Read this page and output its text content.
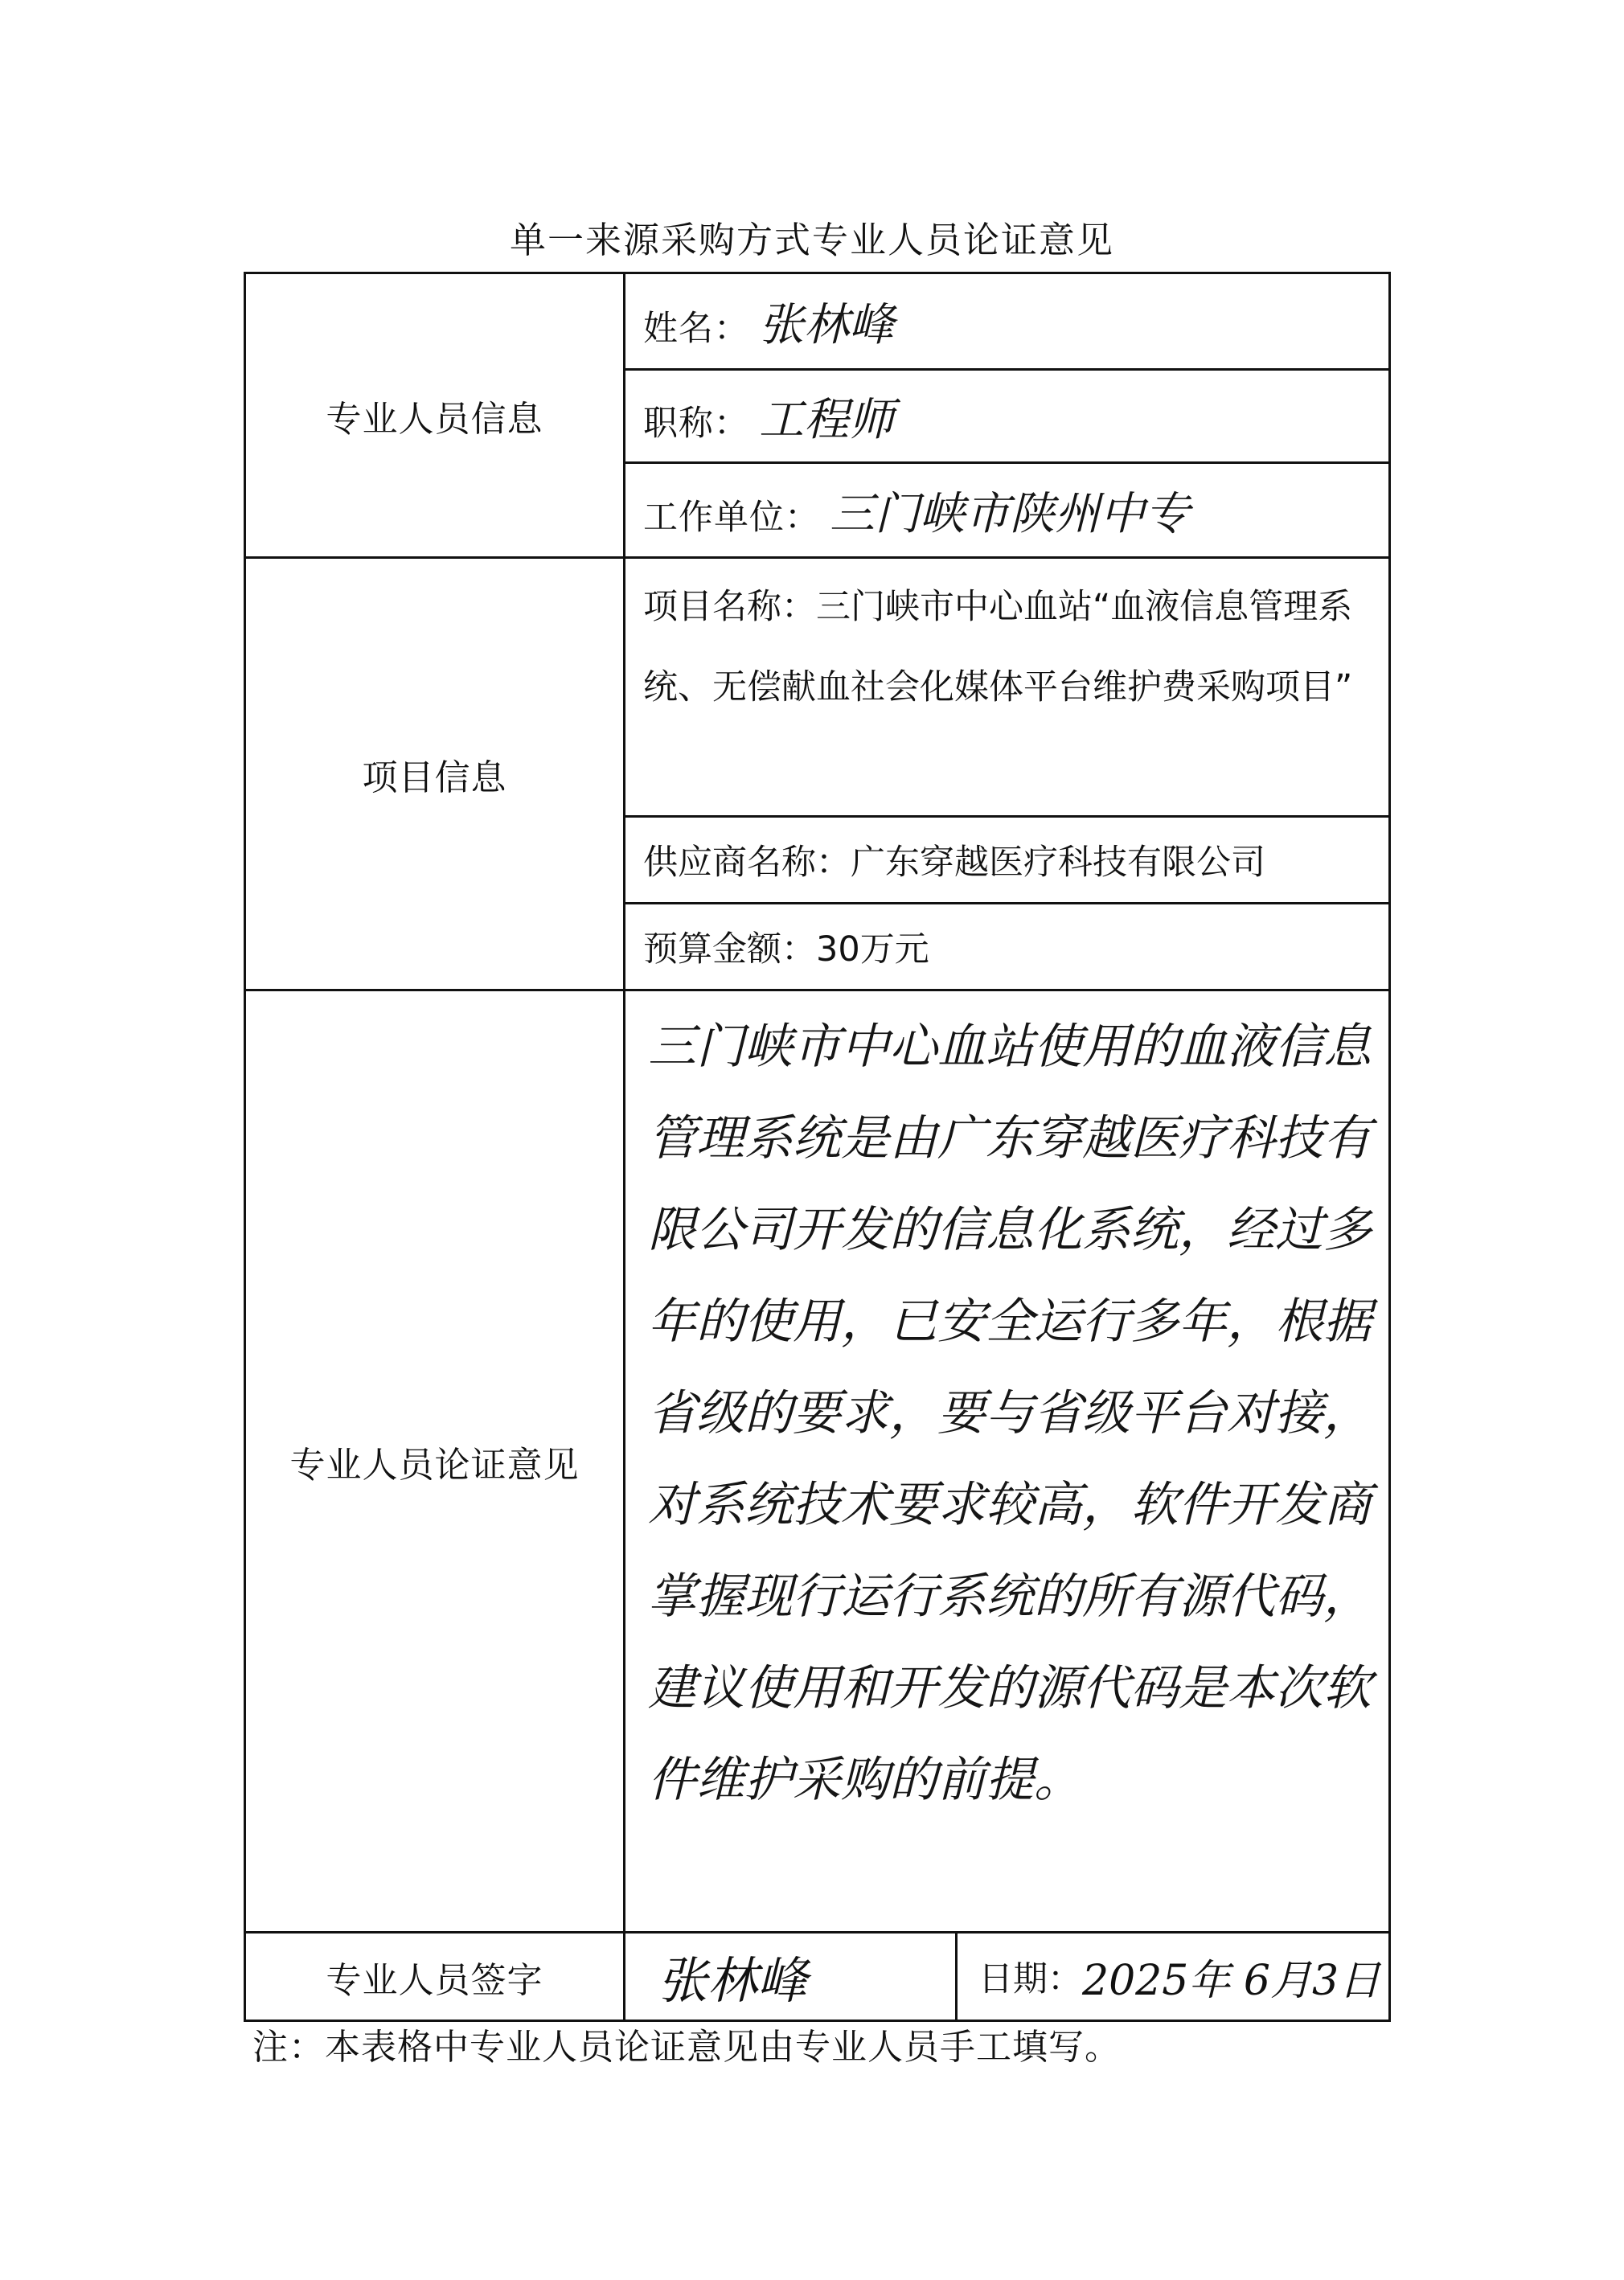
单一来源采购方式专业人员论证意见
专业人员信息	姓名： 张林峰
	职称： 工程师
	工作单位： 三门峡市陕州中专
项目信息	项目名称：三门峡市中心血站“血液信息管理系统、无偿献血社会化媒体平台维护费采购项目”

	供应商名称：广东穿越医疗科技有限公司
	预算金额：30万元
专业人员论证意见	三门峡市中心血站使用的血液信息管理系统是由广东穿越医疗科技有限公司开发的信息化系统，经过多年的使用，已安全运行多年，根据省级的要求，要与省级平台对接，对系统技术要求较高，软件开发商掌握现行运行系统的所有源代码，建议使用和开发的源代码是本次软件维护采购的前提。

专业人员签字	张林峰 日期： 2025年 6月3日
注：本表格中专业人员论证意见由专业人员手工填写。
